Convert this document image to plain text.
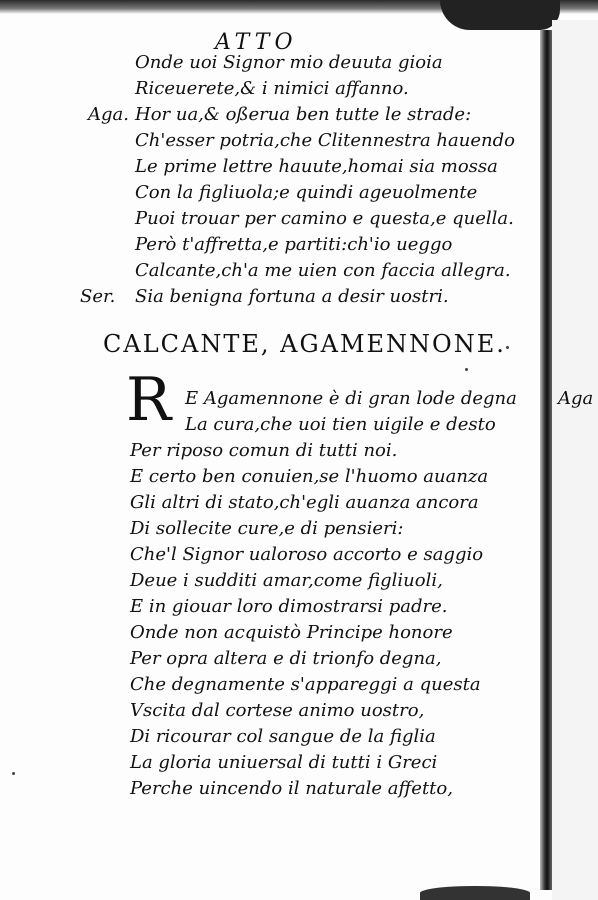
Aga
ATTO
Onde uoi Signor mio deuuta gioia
Riceuerete,& i nimici affanno.
Aga. Hor ua,& oßerua ben tutte le strade:
Ch'esser potria,che Clitennestra hauendo
Le prime lettre hauute,homai sia mossa
Con la figliuola;e quindi ageuolmente
Puoi trouar per camino e questa,e quella.
Però t'affretta,e partiti:ch'io ueggo
Calcante,ch'a me uien con faccia allegra.
Ser. Sia benigna fortuna a desir uostri.
CALCANTE, AGAMENNONE.
R E Agamennone è di gran lode degna
La cura,che uoi tien uigile e desto
Per riposo comun di tutti noi.
E certo ben conuien,se l'huomo auanza
Gli altri di stato,ch'egli auanza ancora
Di sollecite cure,e di pensieri:
Che'l Signor ualoroso accorto e saggio
Deue i sudditi amar,come figliuoli,
E in giouar loro dimostrarsi padre.
Onde non acquistò Principe honore
Per opra altera e di trionfo degna,
Che degnamente s'appareggi a questa
Vscita dal cortese animo uostro,
Di ricourar col sangue de la figlia
La gloria uniuersal di tutti i Greci
Perche uincendo il naturale affetto,
